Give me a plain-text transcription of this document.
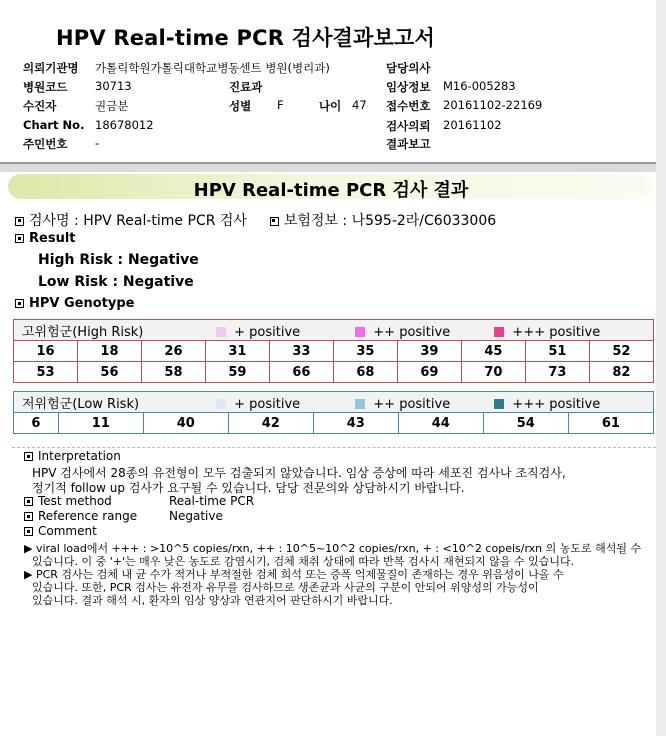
HPV Real-time PCR 검사결과보고서
의뢰기관명 가톨릭학원가톨릭대학교병동센트 병원(병리과)	담당의사
병원코드 30713	진료과	임상정보 M16-005283
수진자	권금분	성별 F	나이 47 접수번호 20161102-22169
Chart No. 18678012	검사의뢰 20161102
주민번호 -	결과보고
HPV Real-time PCR 검사 결과
검사명 : HPV Real-time PCR 검사	보험정보 : 나595-2라/C6033006
Result
High Risk : Negative
Low Risk : Negative
HPV Genotype
고위험군(High Risk) + positive ++ positive +++ positive									
16	18	26	31	33	35	39	45	51	52
53	56	58	59	66	68	69	70	73	82
저위험군(Low Risk)	+ positive	++ positive	+++ positive
6	11	40	42	43	44	54	61
Interpretation
HPV 검사에서 28종의 유전형이 모두 검출되지 않았습니다. 임상 증상에 따라 세포진 검사나 조직검사,
정기적 follow up 검사가 요구될 수 있습니다. 담당 전문의와 상담하시기 바랍니다.
Test method	Real-time PCR
Reference range	Negative
Comment
▶ viral load에서 +++ : >10^5 copies/rxn, ++ : 10^5~10^2 copies/rxn, + : <10^2 copeis/rxn 의 농도로 해석될 수
있습니다. 이 중 '+'는 매우 낮은 농도로 감염시기, 검체 채취 상태에 따라 반복 검사시 재현되지 않을 수 있습니다.
▶ PCR 검사는 검체 내 균 수가 적거나 부적절한 검체 희석 또는 증폭 억제물질이 존재하는 경우 위음성이 나올 수
있습니다. 또한, PCR 검사는 유전자 유무를 검사하므로 생존균과 사균의 구분이 안되어 위양성의 가능성이
있습니다. 결과 해석 시, 환자의 임상 양상과 연관지어 판단하시기 바랍니다.
